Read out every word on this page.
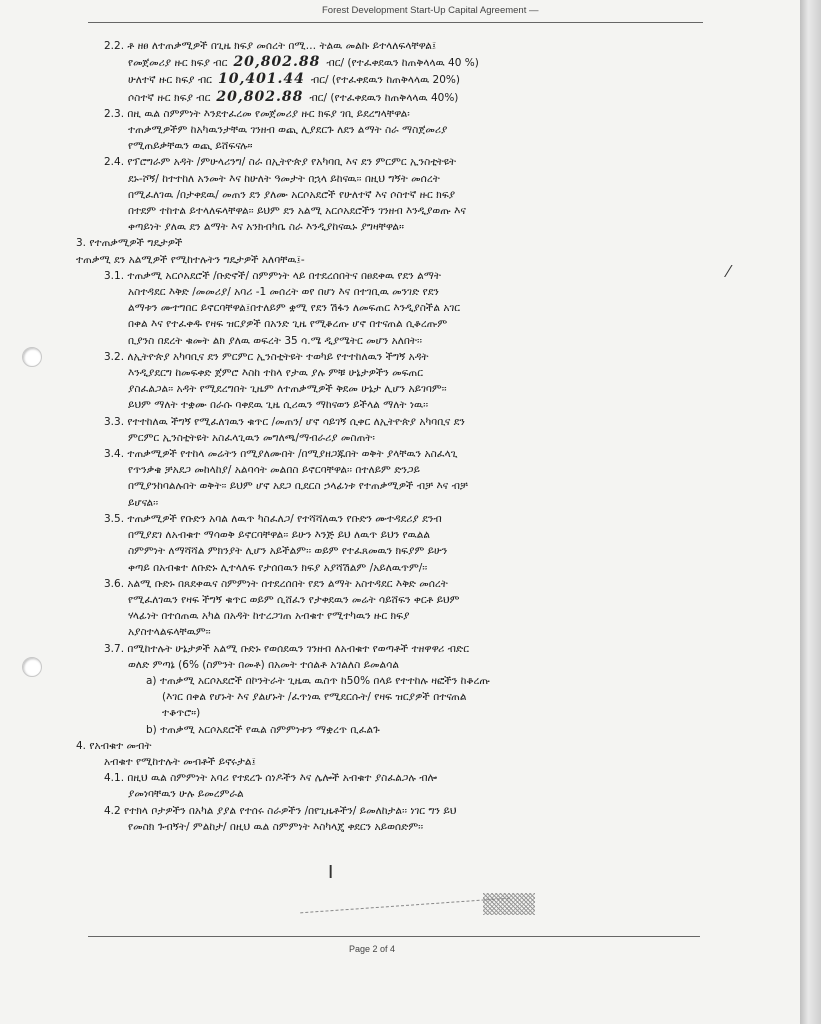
Forest Development Start-Up Capital Agreement —
2.2. ቶ ዘፀ ለተጠቃሚዎች በጊዜ ክፍያ መሰረት በሚ… ትልዉ መልኩ ይተላለፍላቸዋል፤
የመጀመሪያ ዙር ክፍያ ብር 20,802.88 ብር/ (የተፈቀደዉን ከጠቅላላዉ 40 %)
ሁለተኛ ዙር ክፍያ ብር 10,401.44 ብር/ (የተፈቀደዉን ከጠቅላላዉ 20%)
ሶስተኛ ዙር ክፍያ ብር 20,802.88 ብር/ (የተፈቀደዉን ከጠቅላላዉ 40%)
2.3. በዚ ዉል ስምምነት እንደተፈረመ የመጀመሪያ ዙር ክፍያ ገቢ ይደረግላቸዋል፡
ተጠቃሚዎችም ከአካዉንታቸዉ ገንዘብ ወጪ ሊያደርጉ ለደን ልማት ስራ ማስጀመሪያ
የሚጠይቃቸዉን ወጪ ይሸፍናሉ።
2.4. የፕሮግራም አዳት /ምሁላሪንግ/ ስራ በኢትዮጵያ የአካባቢ እና ደን ምርምር ኢንስቲትዩት
ደኑ-ሾኝ/ ከተተከለ አንመት እና ከሁለት ዓመታት በኋላ ይከናዉ፡፡ በዚህ ግኝት መሰረት
በሚፈለገዉ /በታቀደዉ/ መጠን ደን ያለሙ አርሶአደሮች የሁለተኛ እና ሶስተኛ ዙር ክፍያ
በተደም ተከተል ይተላለፍላቸዋል፡፡ ይህም ደን አልሚ አርሶአደሮችን ገንዘብ እንዲያወጡ እና
ቀጣይነት ያለዉ ደን ልማት እና አንክብካቤ ስራ እንዲያከናዉኑ ያግዛቸዋል።
3. የተጠቃሚዎች ግዴታዎች
ተጠቃሚ ደን አልሚዎች የሚከተሉትን ግዴታዎች አለባቸዉ፤-
3.1. ተጠቃሚ አርሶአደሮች /ቡድኖች/ ስምምነት ላይ በተደረሰበትና በፀደቀዉ የደን ልማት
አስተዳደር እቅድ /መመሪያ/ አባሪ -1 መሰረት ወየ በሆነ እና በተገቢዉ መንገድ የደን
ልማቱን ሙተግበር ይኖርባቸዋል፤በተለይም ቋሚ የደን ሽፋን ለመፍጠር እንዲያስችል አገር
በቀል እና የተፈቀዱ የዛፍ ዝርያዎች በአንድ ጊዜ የሚቆረጡ ሆኖ በተናጠል ሲቆረጡም
ቢያንስ በደረት ቁመት ልክ ያለዉ ወፍረት 35 ሳ.ሜ ዲያሜትር መሆን አለበት፡፡
3.2. ለኢትዮጵያ አካባቢና ደን ምርምር ኢንስቲትዩት ተወካይ የተተከለዉን ችግኝ አዳት
እንዲያደርግ ከመፍቀድ ጀምሮ እስከ ተከላ የታዉ ያሉ ምቹ ሁኔታዎችን መፍጠር
ያስፈልጋል፡፡ አዳት የሚደረግበት ጊዜም ለተጠቃሚዎች ቅደመ ሁኔታ ሊሆን አይገባም፡፡
ይህም ማለት ተቋሙ በራሱ ባቀደዉ ጊዜ ሲሪዉን ማከናወን ይችላል ማለት ነዉ፡፡
3.3. የተተከለዉ ችግኝ የሚፈለገዉን ቁጥር /መጠን/ ሆኖ ሳይገኝ ሲቀር ለኢትዮጵያ አካባቢና ደን
ምርምር ኢንስቲትዩት አስፈላጊዉን መግለጫ/ማብራሪያ መስጠት፡
3.4. ተጠቃሚዎች የተከላ መሬትን በሚያለሙበት /በሚያዘጋጁበት ወቅት ያላቸዉን አስፈላጊ
የጥንቃቄ ቻአደጋ መከላከያ/ አልባሳት መልበስ ይኖርባቸዋል፡፡ በተለይም ድንጋይ
በሚያንከባልሉበት ወቅት፡፡ ይህም ሆኖ አደጋ ቢደርስ ኃላፊነቱ የተጠቃሚዎች ብቻ እና ብቻ
ይሆናል፡፡
3.5. ተጠቃሚዎች የቡድን አባል ለዉጥ ካስፈለጋ/ የተሻሻለዉን የቡድን ሙተዳደሪያ ደንብ
በሚያደገ ለአብቁተ ማሳወቅ ይኖርባቸዋል፡፡ ይሁን እንጅ ይህ ለዉጥ ይህን የዉልል
ስምምነት ለማሻሻል ምክንያት ሊሆን አይችልም፡፡ ወይም የተፈጸመዉን ክፍያም ይሁን
ቀጣይ በአብቁተ ለቡድኑ ሊተላለፍ የታሰበዉን ክፍያ አያሻሽልም /አይለዉጥም/፡፡
3.6. አልሚ ቡድኑ በጸደቀዉና ስምምነት በተደረሰበት የደን ልማት አስተዳደር እቅድ መሰረት
የሚፈለገዉን የዛፍ ችግኝ ቁጥር ወይም ሲሸፈን የታቀደዉን መሬት ሳይሸፍን ቀርቶ ይህም
ሃላፊነት በተሰጠዉ አካል በአዳት ከተረጋገጠ አብቁተ የሚተካዉን ዙር ክፍያ
አያስተላልፍላቸዉም፡፡
3.7. በሚከተሉት ሁኔታዎች አልሚ ቡድኑ የወሰደዉን ገንዘብ ለአብቁተ የወጣቶች ተዘዋዋሪ ብድር
ወለድ ምጣኔ (6% (ስምንት በመቶ) በአመት ተሰልቶ አገልለስ ይመልሳል
a) ተጠቃሚ አርሶአደሮች በኮንትራት ጊዜዉ ዉስጥ ከ50% በላይ የተተከሉ ዛፎችን ከቆረጡ
(እገር በቀል የሆኑት እና ያልሆኑት /ፈጥነዉ የሚደርሱት/ የዛፍ ዝርያዎች በተናጠል
ተቆጥሮ።)
b) ተጠቃሚ አርሶአደሮች የዉል ስምምነቱን ማቋረጥ ቢፈልጉ
4. የአብቁተ መብት
አብቁተ የሚከተሉት መብቶች ይኖሩታል፤
4.1. በዚህ ዉል ስምምነት አባሪ የተደረጉ ሰነዶችን እና ሌሎች አብቁተ ያስፈልጋሉ ብሎ
ያመነባቸዉን ሁሉ ይመረምራል
4.2 የተክላ ቦታዎችን በአካል ያያል የተሰሩ ስራዎችን /በየጊዜቶችን/ ይመለከታል፡፡ ነገር ግን ይህ
የመስክ ጉብኝት/ ምልከታ/ በዚህ ዉል ስምምነት እስካላጄ ቀደርን አይወሰድም፡፡
⁄
ǀ
Page 2 of 4
